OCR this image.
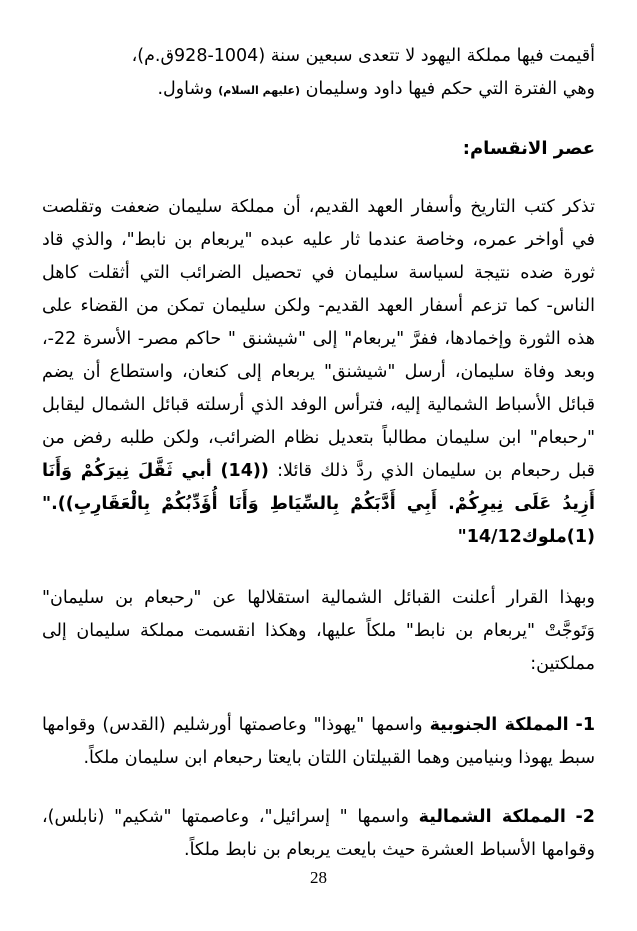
أقيمت فيها مملكة اليهود لا تتعدى سبعين سنة (1004-928ق.م)،
وهي الفترة التي حكم فيها داود وسليمان (عليهم السلام) وشاول.

عصر الانقسام:

تذكر كتب التاريخ وأسفار العهد القديم، أن مملكة سليمان ضعفت وتقلصت في أواخر عمره، وخاصة عندما ثار عليه عبده "يربعام بن نابط"، والذي قاد ثورة ضده نتيجة لسياسة سليمان في تحصيل الضرائب التي أثقلت كاهل الناس- كما تزعم أسفار العهد القديم- ولكن سليمان تمكن من القضاء على هذه الثورة وإخمادها، ففرَّ "يربعام" إلى "شيشنق " حاكم مصر- الأسرة 22-، وبعد وفاة سليمان، أرسل "شيشنق" يربعام إلى كنعان، واستطاع أن يضم قبائل الأسباط الشمالية إليه، فترأس الوفد الذي أرسلته قبائل الشمال ليقابل "رحبعام" ابن سليمان مطالباً بتعديل نظام الضرائب، ولكن طلبه رفض من قبل رحبعام بن سليمان الذي ردَّ ذلك قائلا: ((14) أبي ثَقَّلَ نِيرَكُمْ وَأَنَا أَزِيدُ عَلَى نِيرِكُمْ. أَبِي أَدَّبَكُمْ بِالسِّيَاطِ وَأَنَا أُؤَدِّبُكُمْ بِالْعَقَارِبِ))."(1)ملوك14/12"

وبهذا القرار أعلنت القبائل الشمالية استقلالها عن "رحبعام بن سليمان" وَتَوجَّتْ "يربعام بن نابط" ملكاً عليها، وهكذا انقسمت مملكة سليمان إلى مملكتين:

1- المملكة الجنوبية واسمها "يهوذا" وعاصمتها أورشليم (القدس) وقوامها سبط يهوذا وبنيامين وهما القبيلتان اللتان بايعتا رحبعام ابن سليمان ملكاً.

2- المملكة الشمالية واسمها " إسرائيل"، وعاصمتها "شكيم" (نابلس)، وقوامها الأسباط العشرة حيث بايعت يربعام بن نابط ملكاً.

28
